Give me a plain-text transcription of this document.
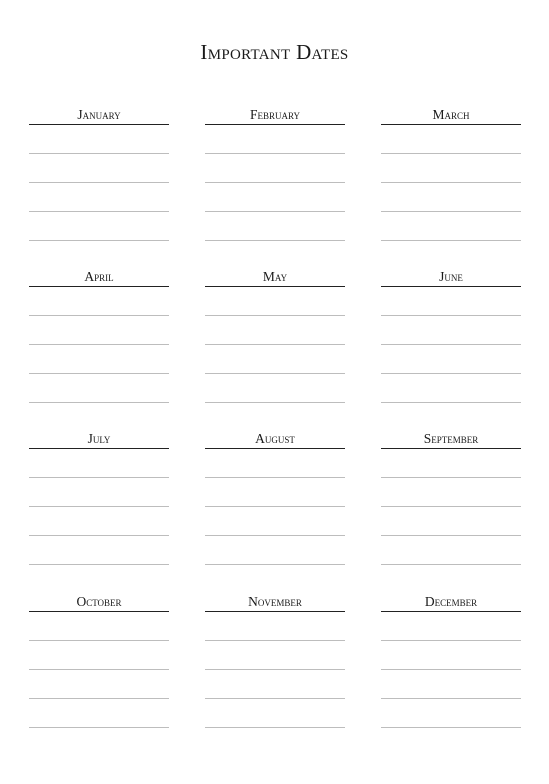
Important Dates
January	February	March
April	May	June
July	August	September
October	November	December
